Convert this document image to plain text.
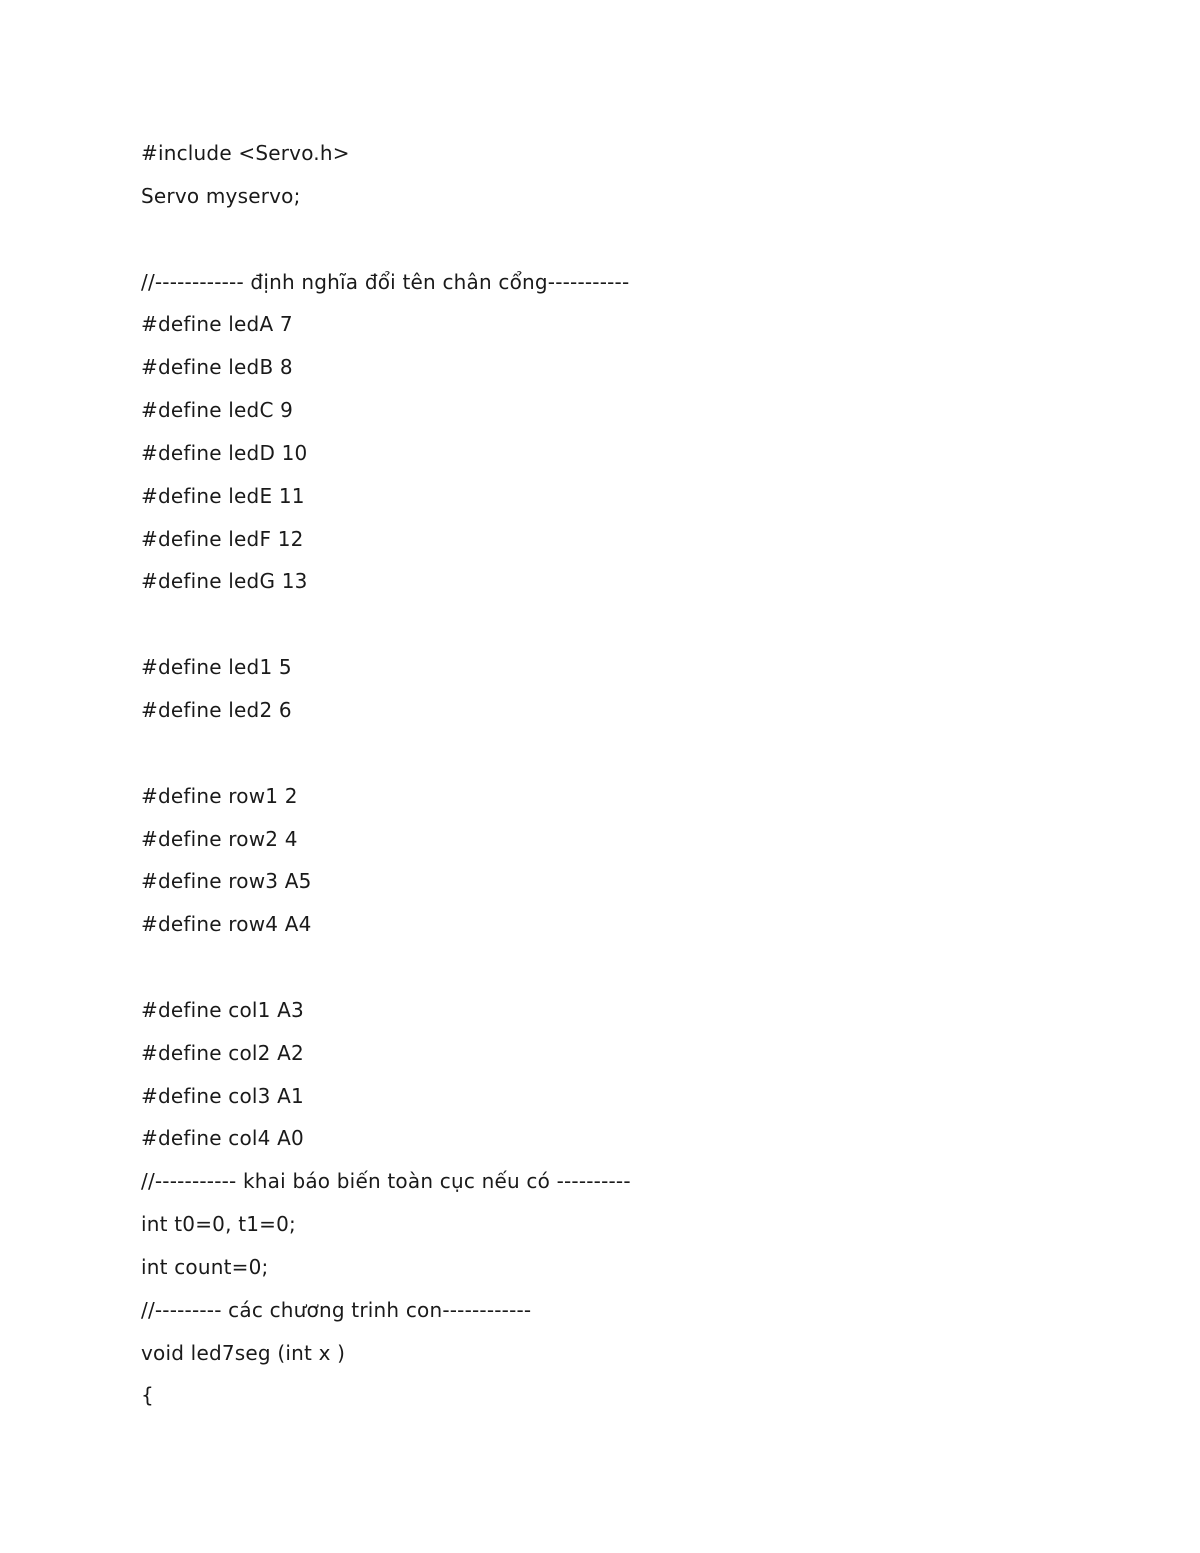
#include <Servo.h>
Servo myservo;
//------------ định nghĩa đổi tên chân cổng-----------
#define ledA 7
#define ledB 8
#define ledC 9
#define ledD 10
#define ledE 11
#define ledF 12
#define ledG 13
#define led1 5
#define led2 6
#define row1 2
#define row2 4
#define row3 A5
#define row4 A4
#define col1 A3
#define col2 A2
#define col3 A1
#define col4 A0
//----------- khai báo biến toàn cục nếu có ----------
int t0=0, t1=0;
int count=0;
//--------- các chương trinh con------------
void led7seg (int x )
{
